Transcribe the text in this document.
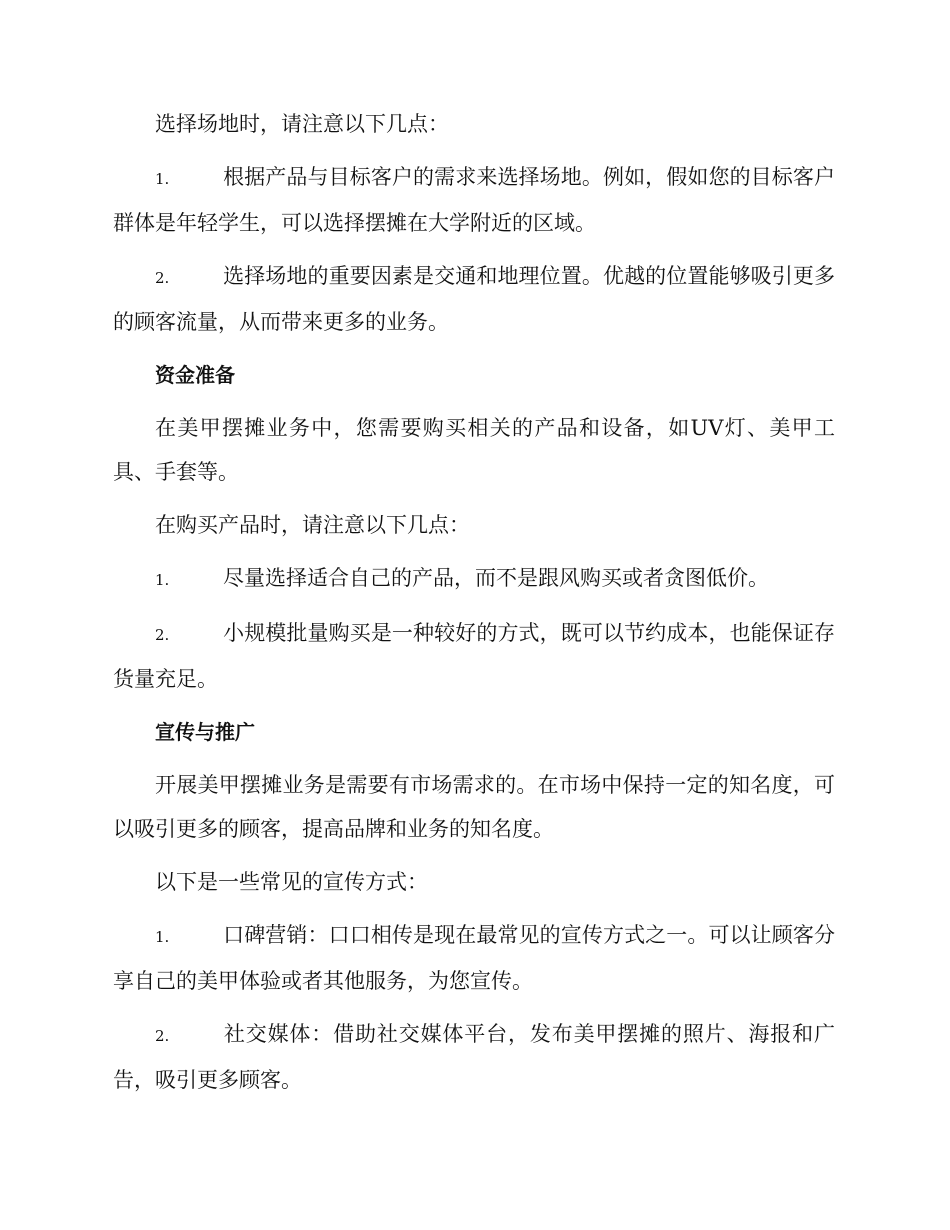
选择场地时，请注意以下几点：

1.	根据产品与目标客户的需求来选择场地。例如，假如您的目标客户群体是年轻学生，可以选择摆摊在大学附近的区域。

2.	选择场地的重要因素是交通和地理位置。优越的位置能够吸引更多的顾客流量，从而带来更多的业务。

资金准备

在美甲摆摊业务中，您需要购买相关的产品和设备，如UV灯、美甲工具、手套等。

在购买产品时，请注意以下几点：

1.	尽量选择适合自己的产品，而不是跟风购买或者贪图低价。

2.	小规模批量购买是一种较好的方式，既可以节约成本，也能保证存货量充足。

宣传与推广

开展美甲摆摊业务是需要有市场需求的。在市场中保持一定的知名度，可以吸引更多的顾客，提高品牌和业务的知名度。

以下是一些常见的宣传方式：

1.	口碑营销：口口相传是现在最常见的宣传方式之一。可以让顾客分享自己的美甲体验或者其他服务，为您宣传。

2.	社交媒体：借助社交媒体平台，发布美甲摆摊的照片、海报和广告，吸引更多顾客。
